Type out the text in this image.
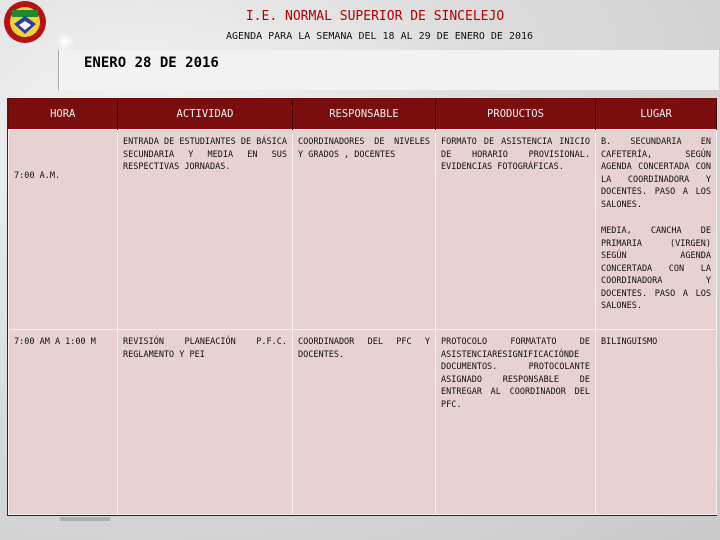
I.E. NORMAL SUPERIOR DE SINCELEJO
AGENDA PARA LA SEMANA DEL 18 AL 29 DE ENERO DE 2016
ENERO 28 DE 2016
HORA	ACTIVIDAD	RESPONSABLE	PRODUCTOS	LUGAR

7:00 A.M.	ENTRADA DE ESTUDIANTES DE BÁSICA SECUNDARIA Y MEDIA EN SUS RESPECTIVAS JORNADAS.	COORDINADORES DE NIVELES Y GRADOS , DOCENTES	FORMATO DE ASISTENCIA INICIO DE HORARIO PROVISIONAL. EVIDENCIAS FOTOGRÁFICAS.	B. SECUNDARIA EN CAFETERÍA, SEGÚN AGENDA CONCERTADA CON LA COORDINADORA Y DOCENTES. PASO A LOS SALONES.
MEDIA, CANCHA DE PRIMARIA (VIRGEN) SEGÚN AGENDA CONCERTADA CON LA COORDINADORA Y DOCENTES. PASO A LOS SALONES.

7:00 AM A 1:00 M	REVISIÓN PLANEACIÓN P.F.C. REGLAMENTO Y PEI	COORDINADOR DEL PFC Y DOCENTES.	PROTOCOLO FORMATATO DE ASISTENCIARESIGNIFICACIÓNDE DOCUMENTOS. PROTOCOLANTE ASIGNADO RESPONSABLE DE ENTREGAR AL COORDINADOR DEL PFC.	BILINGUISMO
